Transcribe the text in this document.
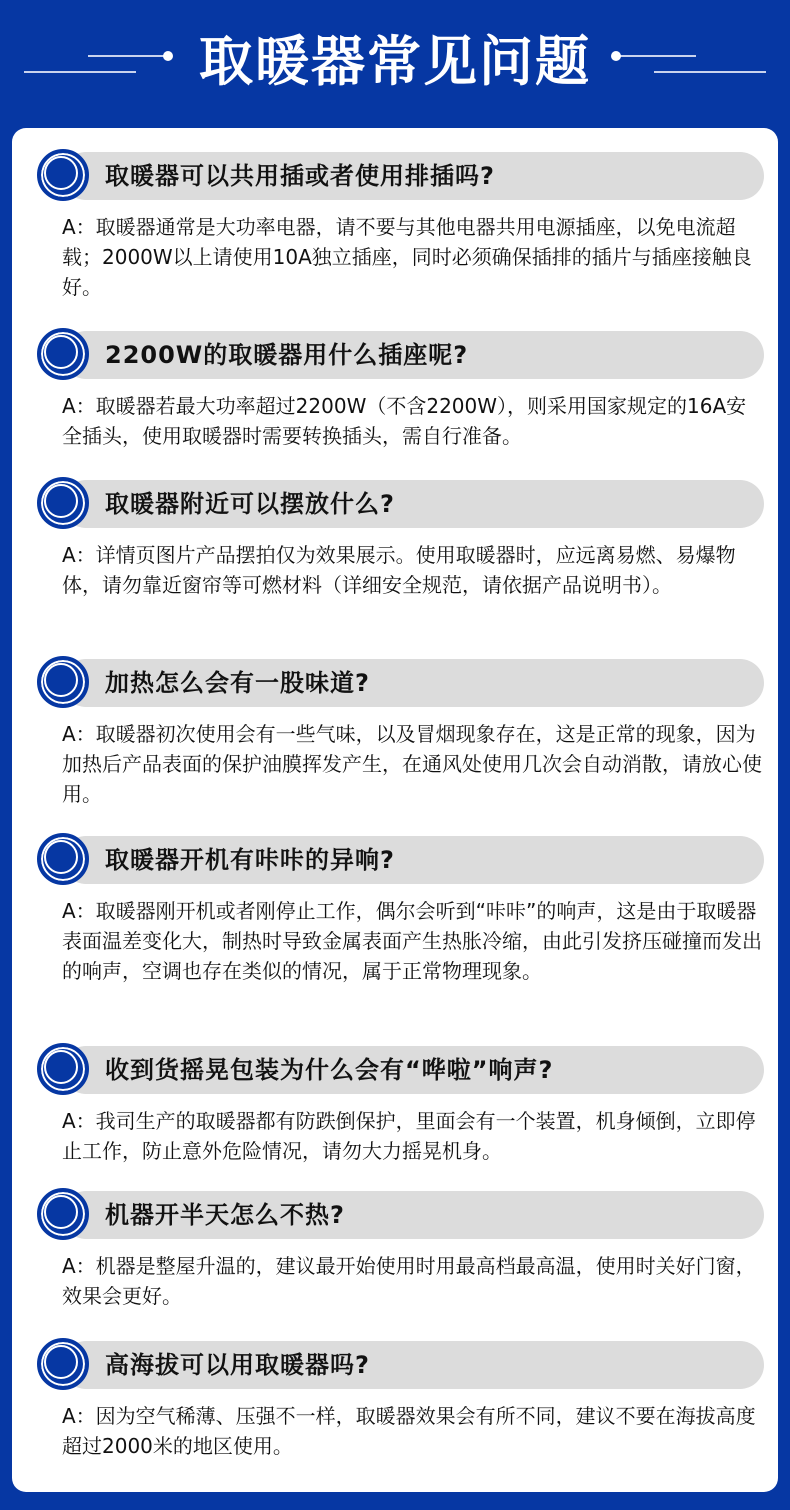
取暖器常见问题
取暖器可以共用插或者使用排插吗?
A：取暖器通常是大功率电器，请不要与其他电器共用电源插座，以免电流超载；2000W以上请使用10A独立插座，同时必须确保插排的插片与插座接触良好。
2200W的取暖器用什么插座呢?
A：取暖器若最大功率超过2200W（不含2200W），则采用国家规定的16A安全插头，使用取暖器时需要转换插头，需自行准备。
取暖器附近可以摆放什么?
A：详情页图片产品摆拍仅为效果展示。使用取暖器时，应远离易燃、易爆物体，请勿靠近窗帘等可燃材料（详细安全规范，请依据产品说明书）。
加热怎么会有一股味道?
A：取暖器初次使用会有一些气味，以及冒烟现象存在，这是正常的现象，因为加热后产品表面的保护油膜挥发产生，在通风处使用几次会自动消散，请放心使用。
取暖器开机有咔咔的异响?
A：取暖器刚开机或者刚停止工作，偶尔会听到“咔咔”的响声，这是由于取暖器表面温差变化大，制热时导致金属表面产生热胀冷缩，由此引发挤压碰撞而发出的响声，空调也存在类似的情况，属于正常物理现象。
收到货摇晃包装为什么会有“哗啦”响声?
A：我司生产的取暖器都有防跌倒保护，里面会有一个装置，机身倾倒，立即停止工作，防止意外危险情况，请勿大力摇晃机身。
机器开半天怎么不热?
A：机器是整屋升温的，建议最开始使用时用最高档最高温，使用时关好门窗，效果会更好。
高海拔可以用取暖器吗?
A：因为空气稀薄、压强不一样，取暖器效果会有所不同，建议不要在海拔高度超过2000米的地区使用。
